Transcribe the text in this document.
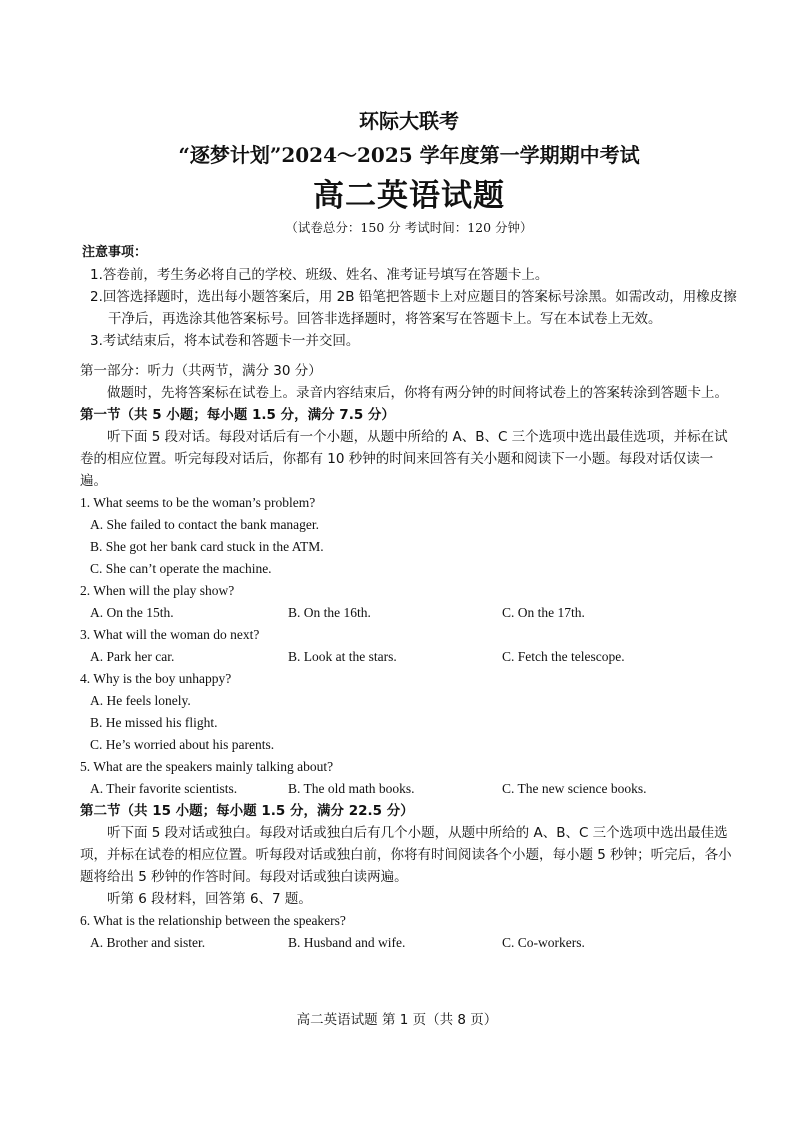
环际大联考

“逐梦计划”2024～2025 学年度第一学期期中考试

高二英语试题

（试卷总分：150 分 考试时间：120 分钟）

注意事项：

1.答卷前，考生务必将自己的学校、班级、姓名、准考证号填写在答题卡上。

2.回答选择题时，选出每小题答案后，用 2B 铅笔把答题卡上对应题目的答案标号涂黑。如需改动，用橡皮擦干净后，再选涂其他答案标号。回答非选择题时，将答案写在答题卡上。写在本试卷上无效。

3.考试结束后，将本试卷和答题卡一并交回。

第一部分：听力（共两节，满分 30 分）

做题时，先将答案标在试卷上。录音内容结束后，你将有两分钟的时间将试卷上的答案转涂到答题卡上。

第一节（共 5 小题；每小题 1.5 分，满分 7.5 分）

听下面 5 段对话。每段对话后有一个小题，从题中所给的 A、B、C 三个选项中选出最佳选项，并标在试卷的相应位置。听完每段对话后，你都有 10 秒钟的时间来回答有关小题和阅读下一小题。每段对话仅读一遍。

1. What seems to be the woman’s problem?

A. She failed to contact the bank manager.

B. She got her bank card stuck in the ATM.

C. She can’t operate the machine.

2. When will the play show?

A. On the 15th.	B. On the 16th.	C. On the 17th.

3. What will the woman do next?

A. Park her car.	B. Look at the stars.	C. Fetch the telescope.

4. Why is the boy unhappy?

A. He feels lonely.

B. He missed his flight.

C. He’s worried about his parents.

5. What are the speakers mainly talking about?

A. Their favorite scientists.	B. The old math books.	C. The new science books.

第二节（共 15 小题；每小题 1.5 分，满分 22.5 分）

听下面 5 段对话或独白。每段对话或独白后有几个小题，从题中所给的 A、B、C 三个选项中选出最佳选项，并标在试卷的相应位置。听每段对话或独白前，你将有时间阅读各个小题，每小题 5 秒钟；听完后，各小题将给出 5 秒钟的作答时间。每段对话或独白读两遍。

听第 6 段材料，回答第 6、7 题。

6. What is the relationship between the speakers?

A. Brother and sister.	B. Husband and wife.	C. Co-workers.
高二英语试题 第 1 页（共 8 页）
